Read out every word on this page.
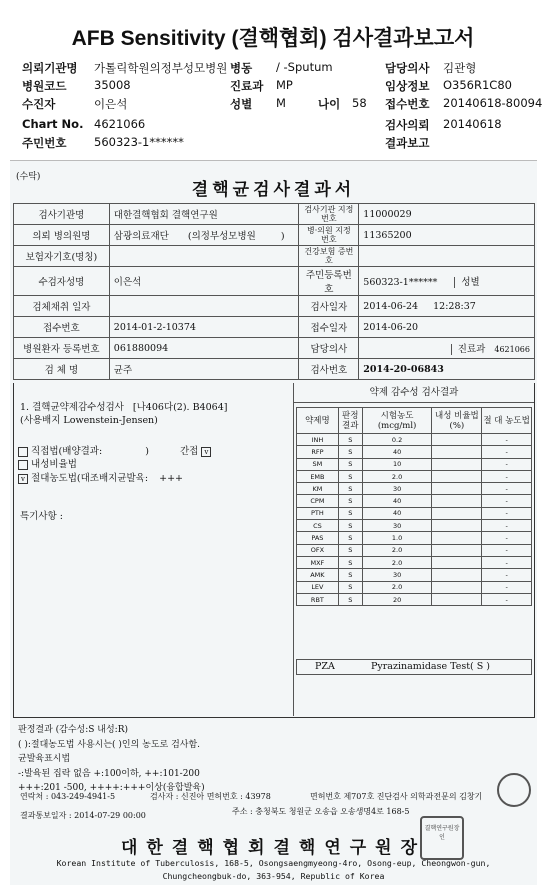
AFB Sensitivity (결핵협회) 검사결과보고서
의뢰기관명 가톨릭학원의정부성모병원 병동 / -Sputum	담당의사 김관형
병원코드 35008	진료과 MP	임상정보 O356R1C80
수진자	이은석	성별 M	나이 58 접수번호 20140618-80094
Chart No. 4621066	검사의뢰 20140618
주민번호 560323-1******	결과보고
(수탁)
결핵균검사결과서
검사기관명	대한결핵협회 결핵연구원	검사기관 지정번호	11000029
의뢰 병의원명	삼광의료재단 (의정부성모병원 )	병·의원 지정번호	11365200
보험자기호(명칭)		건강보험 증번호	
수검자성명	이은석	주민등록번호	560323-1****** 성별
검체채취 일자		검사일자	2014-06-24 12:28:37
접수번호	2014-01-2-10374	접수일자	2014-06-20
병원환자 등록번호	061880094	담당의사	진료과 4621066
검 체 명	균주	검사번호	2014-20-06843
1. 결핵균약제감수성검사 [나406다(2). B4064]
(사용배지 Lowenstein-Jensen)
직접법(배양결과:	)	간접 v
내성비율법
v 절대농도법(대조배지균발육: +++
특기사항 :
약제 감수성 검사결과
약제명	판정 결과	시험농도 (mcg/ml)	내성 비율법(%)	절 대 농도법
INH	S	0.2		-
RFP	S	40		-
SM	S	10		-
EMB	S	2.0		-
KM	S	30		-
CPM	S	40		-
PTH	S	40		-
CS	S	30		-
PAS	S	1.0		-
OFX	S	2.0		-
MXF	S	2.0		-
AMK	S	30		-
LEV	S	2.0		-
RBT	S	20		-
PZA	Pyrazinamidase Test( S )
판정결과 (감수성:S 내성:R)
( ):절대농도법 사용시는( )인의 농도로 검사함.
균발육표시법
-:발육된 집락 없음 +:100이하, ++:101-200
+++:201 -500, ++++:+++이상(융합발육)
연락처 : 043-249-4941-5	검사자 : 신진아 면허번호 : 43978	면허번호 제707호 진단검사 의학과전문의 김창기
결과통보일자 : 2014-07-29 00:00	주소 : 충청북도 청원군 오송읍 오송생명4로 168-5
결핵연구원장인
대한결핵협회결핵연구원장
Korean Institute of Tuberculosis, 168-5, Osongsaengmyeong-4ro, Osong-eup, Cheongwon-gun,
Chungcheongbuk-do, 363-954, Republic of Korea
